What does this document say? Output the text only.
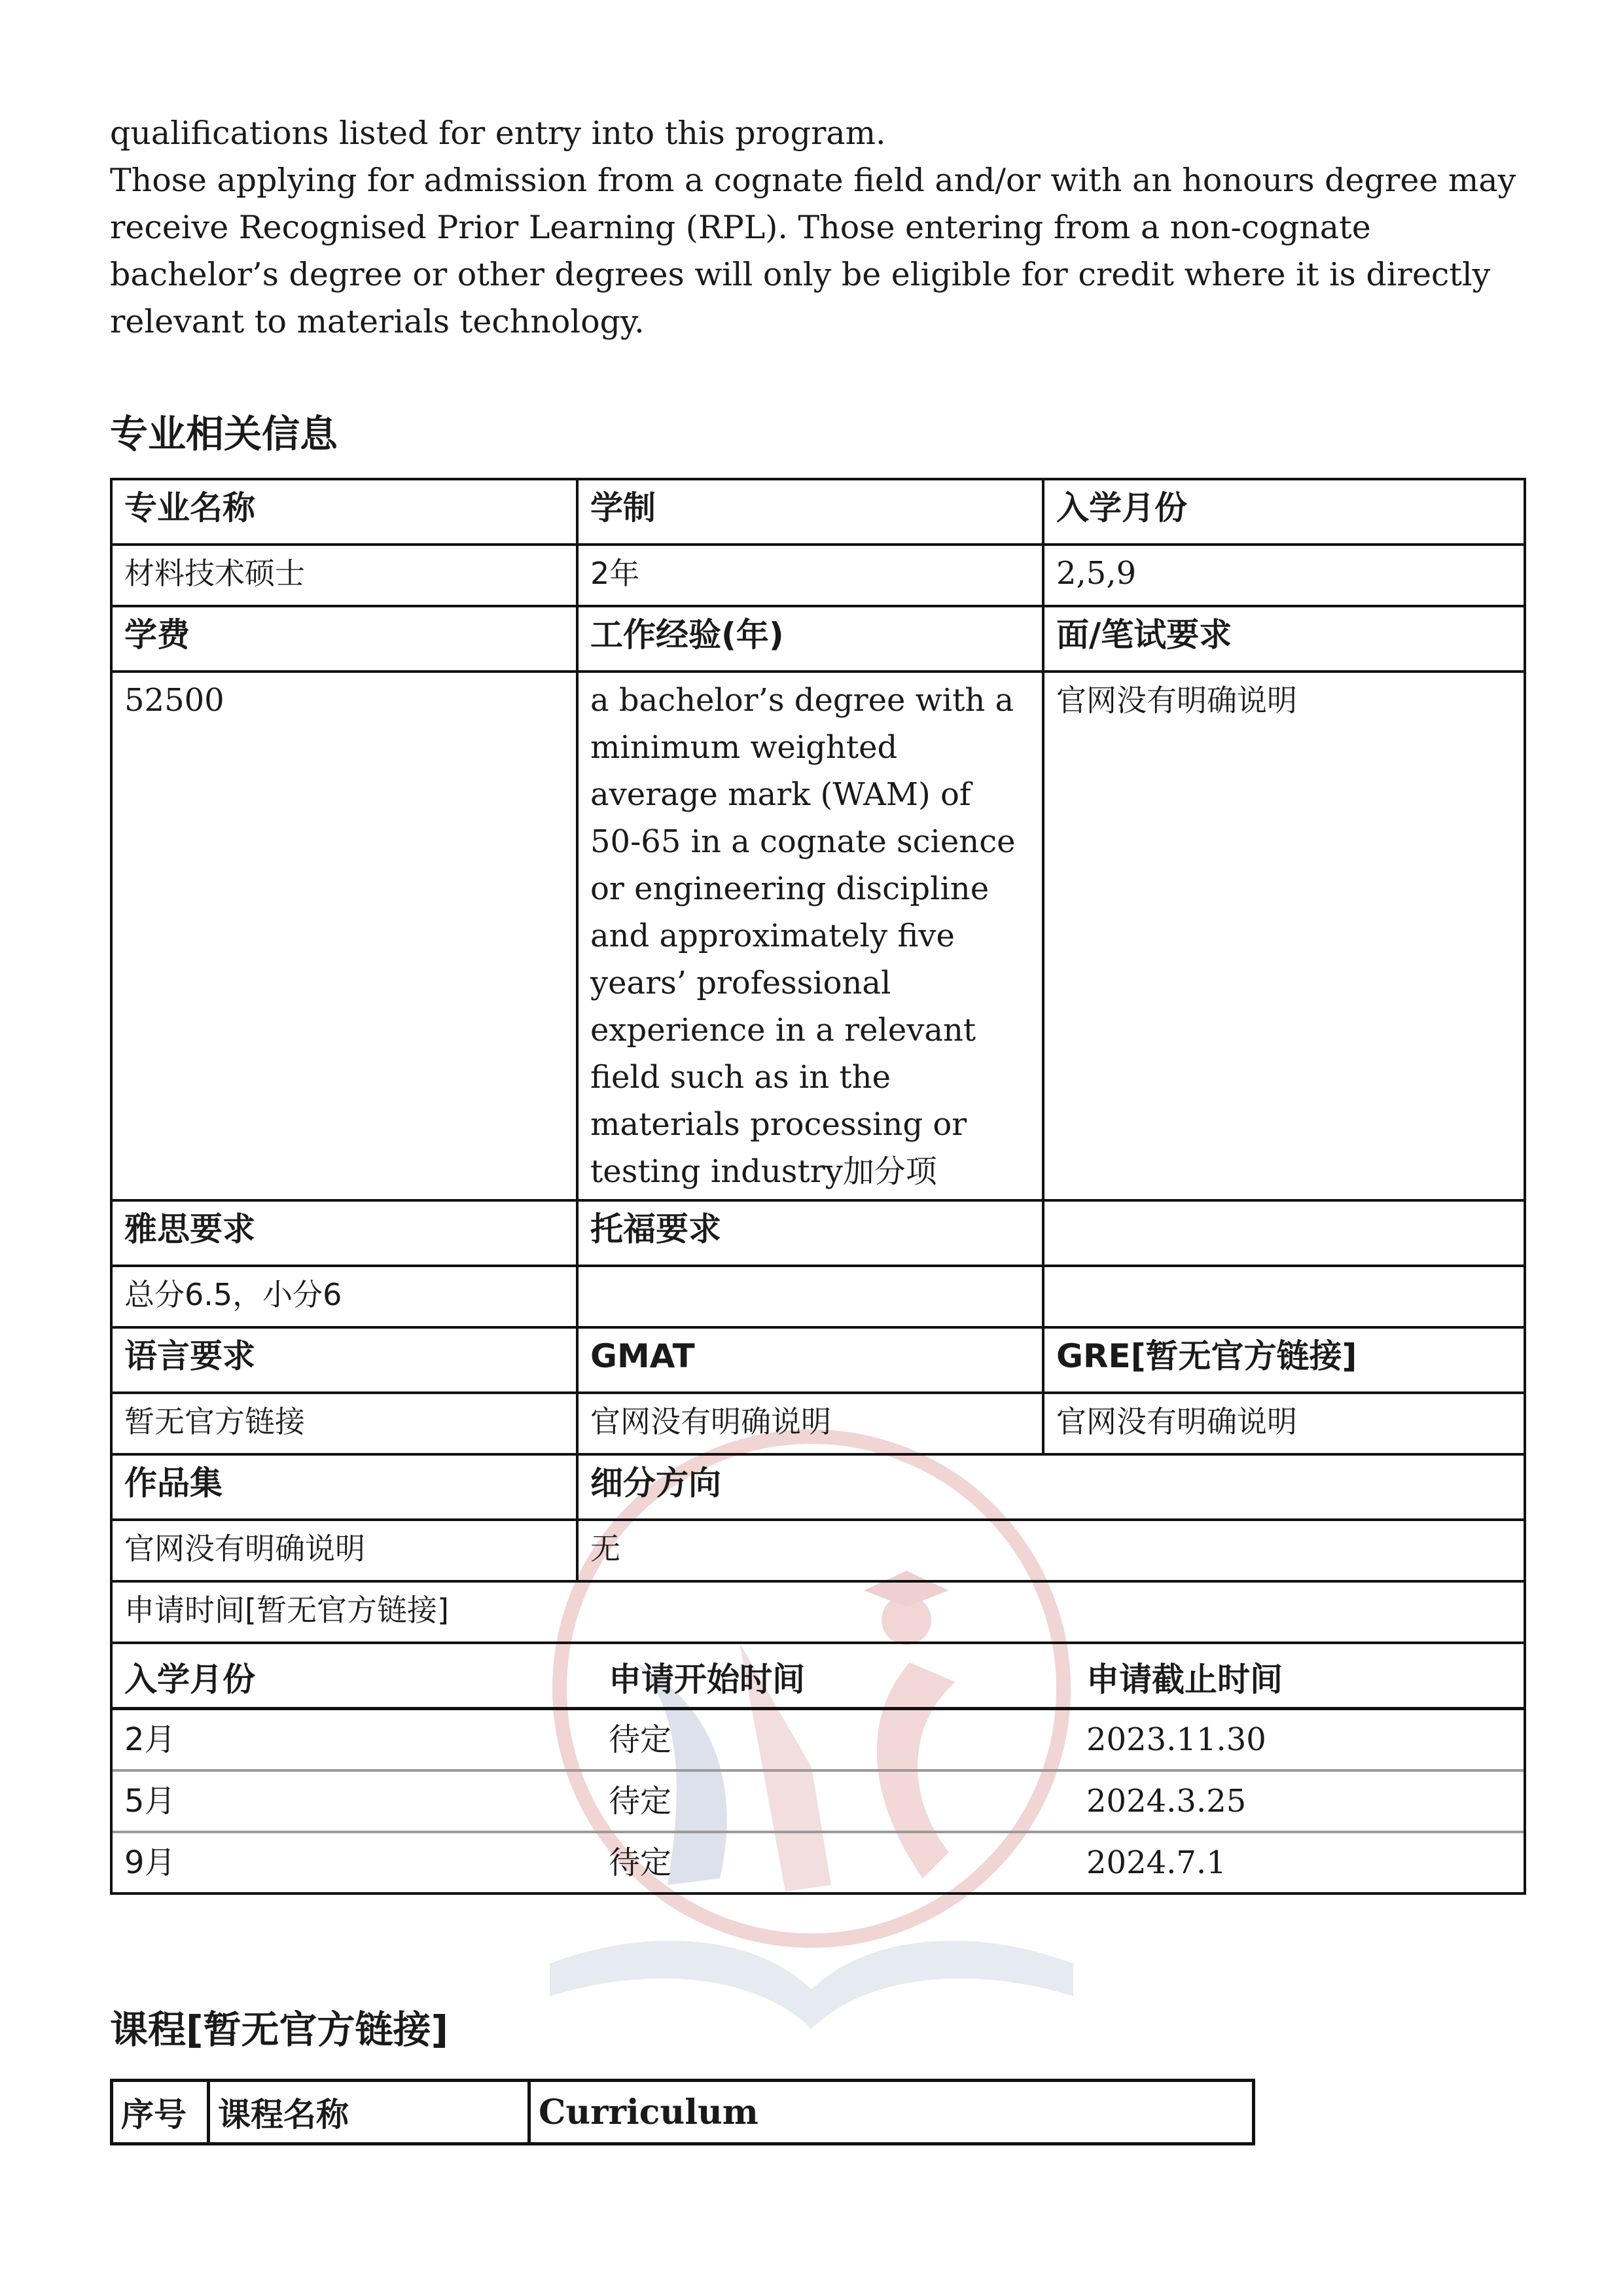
qualifications listed for entry into this program.

Those applying for admission from a cognate field and/or with an honours degree may receive Recognised Prior Learning (RPL). Those entering from a non-cognate bachelor’s degree or other degrees will only be eligible for credit where it is directly relevant to materials technology.

专业相关信息
专业名称	学制	入学月份
材料技术硕士	2年	2,5,9
学费	工作经验(年)	面/笔试要求
52500	a bachelor’s degree with a minimum weighted average mark (WAM) of 50-65 in a cognate science or engineering discipline and approximately five years’ professional experience in a relevant field such as in the materials processing or testing industry加分项	官网没有明确说明
雅思要求	托福要求	
总分6.5，小分6		
语言要求	GMAT	GRE[暂无官方链接]
暂无官方链接	官网没有明确说明	官网没有明确说明
作品集	细分方向
官网没有明确说明	无
申请时间[暂无官方链接]

入学月份	申请开始时间	申请截止时间
2月	待定	2023.11.30
5月	待定	2024.3.25
9月	待定	2024.7.1
课程[暂无官方链接]
序号	课程名称	Curriculum
